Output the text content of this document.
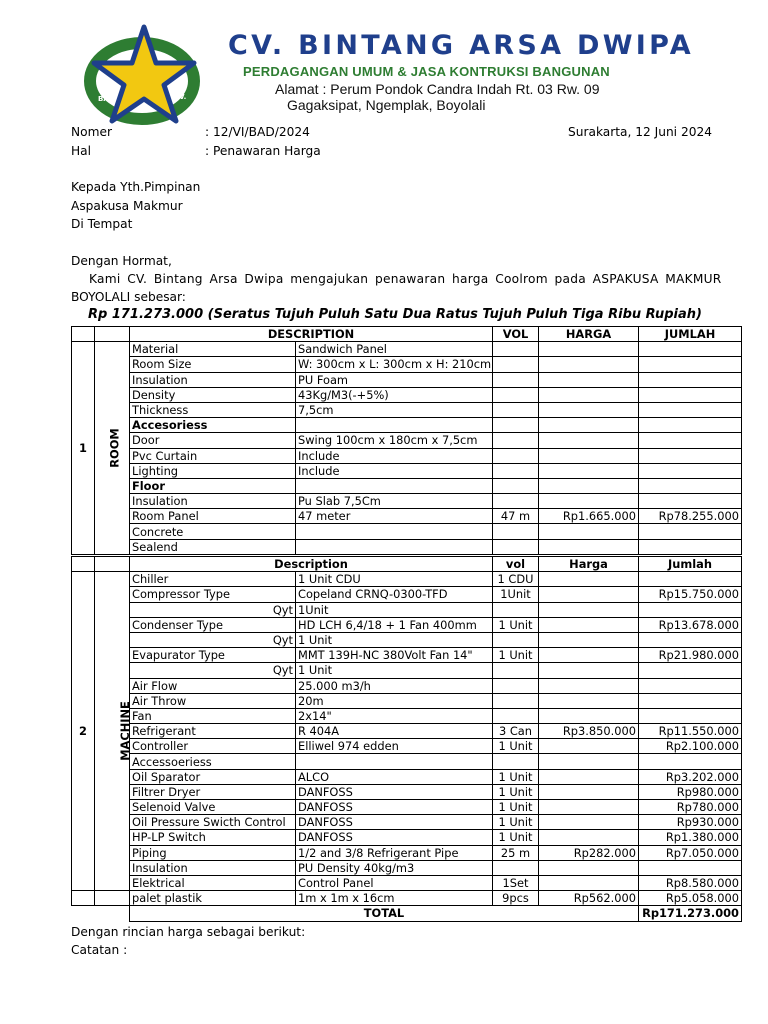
BAD	CV.
CV. BINTANG ARSA DWIPA
PERDAGANGAN UMUM & JASA KONTRUKSI BANGUNAN
Alamat : Perum Pondok Candra Indah Rt. 03 Rw. 09
Gagaksipat, Ngemplak, Boyolali
Nomer	: 12/VI/BAD/2024	Surakarta, 12 Juni 2024
Hal	: Penawaran Harga
Kepada Yth.Pimpinan
Aspakusa Makmur
Di Tempat
Dengan Hormat,
Kami CV. Bintang Arsa Dwipa mengajukan penawaran harga Coolrom pada ASPAKUSA MAKMUR
BOYOLALI sebesar:
Rp 171.273.000 (Seratus Tujuh Puluh Satu Dua Ratus Tujuh Puluh Tiga Ribu Rupiah)
		DESCRIPTION		VOL	HARGA	JUMLAH
1	ROOM	Material	Sandwich Panel			
		Room Size	W: 300cm x L: 300cm x H: 210cm			
		Insulation	PU Foam			
		Density	43Kg/M3(-+5%)			
		Thickness	7,5cm			
		Accesoriess				
		Door	Swing 100cm x 180cm x 7,5cm			
		Pvc Curtain	Include			
		Lighting	Include			
		Floor				
		Insulation	Pu Slab 7,5Cm			
		Room Panel	47 meter	47 m	Rp1.665.000	Rp78.255.000
		Concrete				
		Sealend				
		Description		vol	Harga	Jumlah
2	MACHINE	Chiller	1 Unit CDU	1 CDU		
		Compressor Type	Copeland CRNQ-0300-TFD	1Unit		Rp15.750.000
		Qyt	1Unit			
		Condenser Type	HD LCH 6,4/18 + 1 Fan 400mm	1 Unit		Rp13.678.000
		Qyt	1 Unit			
		Evapurator Type	MMT 139H-NC 380Volt Fan 14"	1 Unit		Rp21.980.000
		Qyt	1 Unit			
		Air Flow	25.000 m3/h			
		Air Throw	20m			
		Fan	2x14"			
		Refrigerant	R 404A	3 Can	Rp3.850.000	Rp11.550.000
		Controller	Elliwel 974 edden	1 Unit		Rp2.100.000
		Accessoeriess				
		Oil Sparator	ALCO	1 Unit		Rp3.202.000
		Filtrer Dryer	DANFOSS	1 Unit		Rp980.000
		Selenoid Valve	DANFOSS	1 Unit		Rp780.000
		Oil Pressure Swicth Control	DANFOSS	1 Unit		Rp930.000
		HP-LP Switch	DANFOSS	1 Unit		Rp1.380.000
		Piping	1/2 and 3/8 Refrigerant Pipe	25 m	Rp282.000	Rp7.050.000
		Insulation	PU Density 40kg/m3			
		Elektrical	Control Panel	1Set		Rp8.580.000
		palet plastik	1m x 1m x 16cm	9pcs	Rp562.000	Rp5.058.000
		TOTAL				Rp171.273.000
Dengan rincian harga sebagai berikut:
Catatan :
